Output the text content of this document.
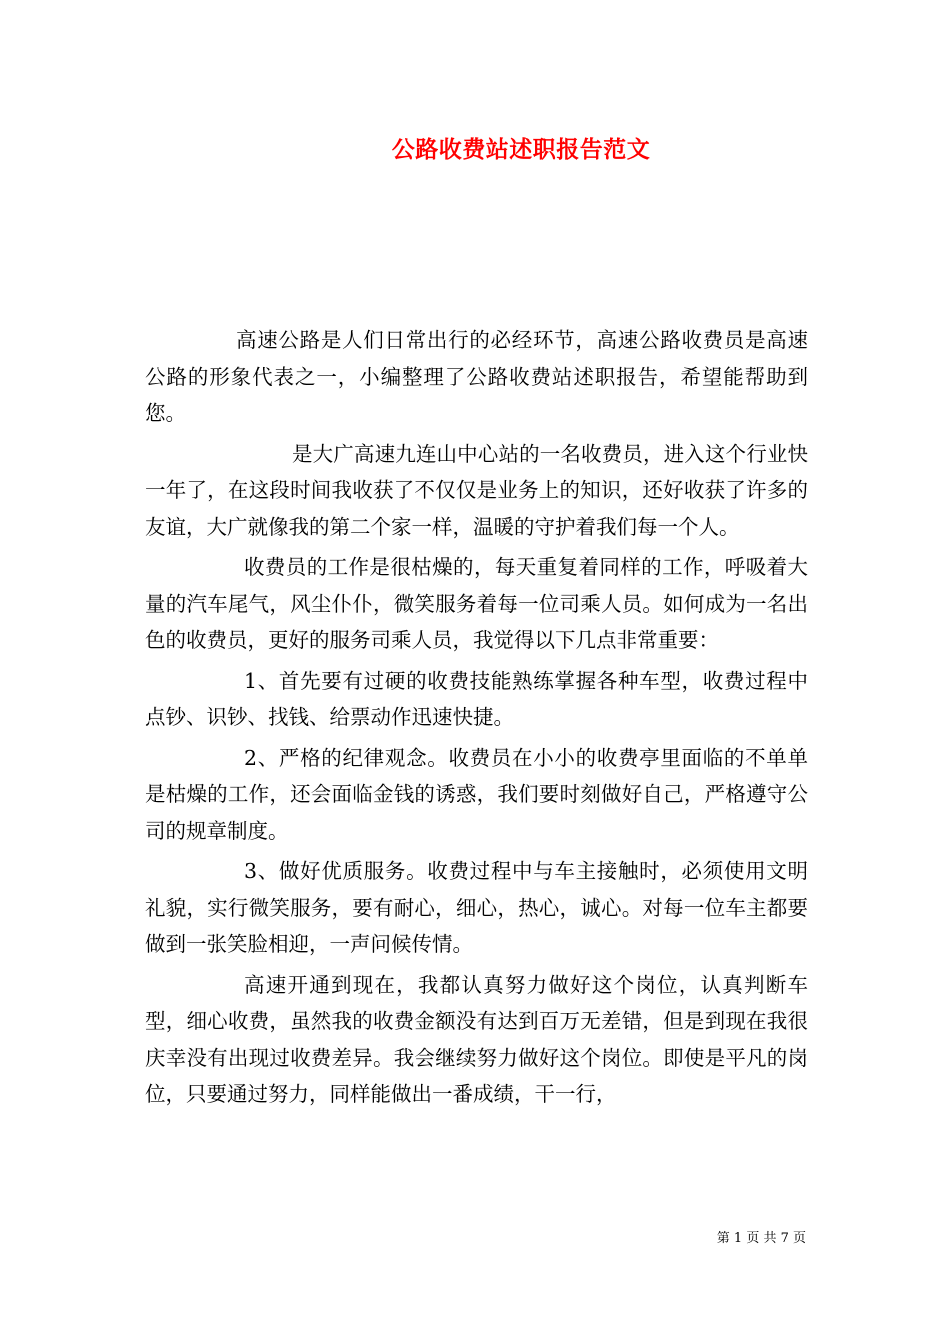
公路收费站述职报告范文

高速公路是人们日常出行的必经环节，高速公路收费员是高速公路的形象代表之一，小编整理了公路收费站述职报告，希望能帮助到您。

是大广高速九连山中心站的一名收费员，进入这个行业快一年了，在这段时间我收获了不仅仅是业务上的知识，还好收获了许多的友谊，大广就像我的第二个家一样，温暖的守护着我们每一个人。

收费员的工作是很枯燥的，每天重复着同样的工作，呼吸着大量的汽车尾气，风尘仆仆，微笑服务着每一位司乘人员。如何成为一名出色的收费员，更好的服务司乘人员，我觉得以下几点非常重要：

1、首先要有过硬的收费技能熟练掌握各种车型，收费过程中点钞、识钞、找钱、给票动作迅速快捷。

2、严格的纪律观念。收费员在小小的收费亭里面临的不单单是枯燥的工作，还会面临金钱的诱惑，我们要时刻做好自己，严格遵守公司的规章制度。

3、做好优质服务。收费过程中与车主接触时，必须使用文明礼貌，实行微笑服务，要有耐心，细心，热心，诚心。对每一位车主都要做到一张笑脸相迎，一声问候传情。

高速开通到现在，我都认真努力做好这个岗位，认真判断车型，细心收费，虽然我的收费金额没有达到百万无差错，但是到现在我很庆幸没有出现过收费差异。我会继续努力做好这个岗位。即使是平凡的岗位，只要通过努力，同样能做出一番成绩，干一行，

第 1 页 共 7 页
